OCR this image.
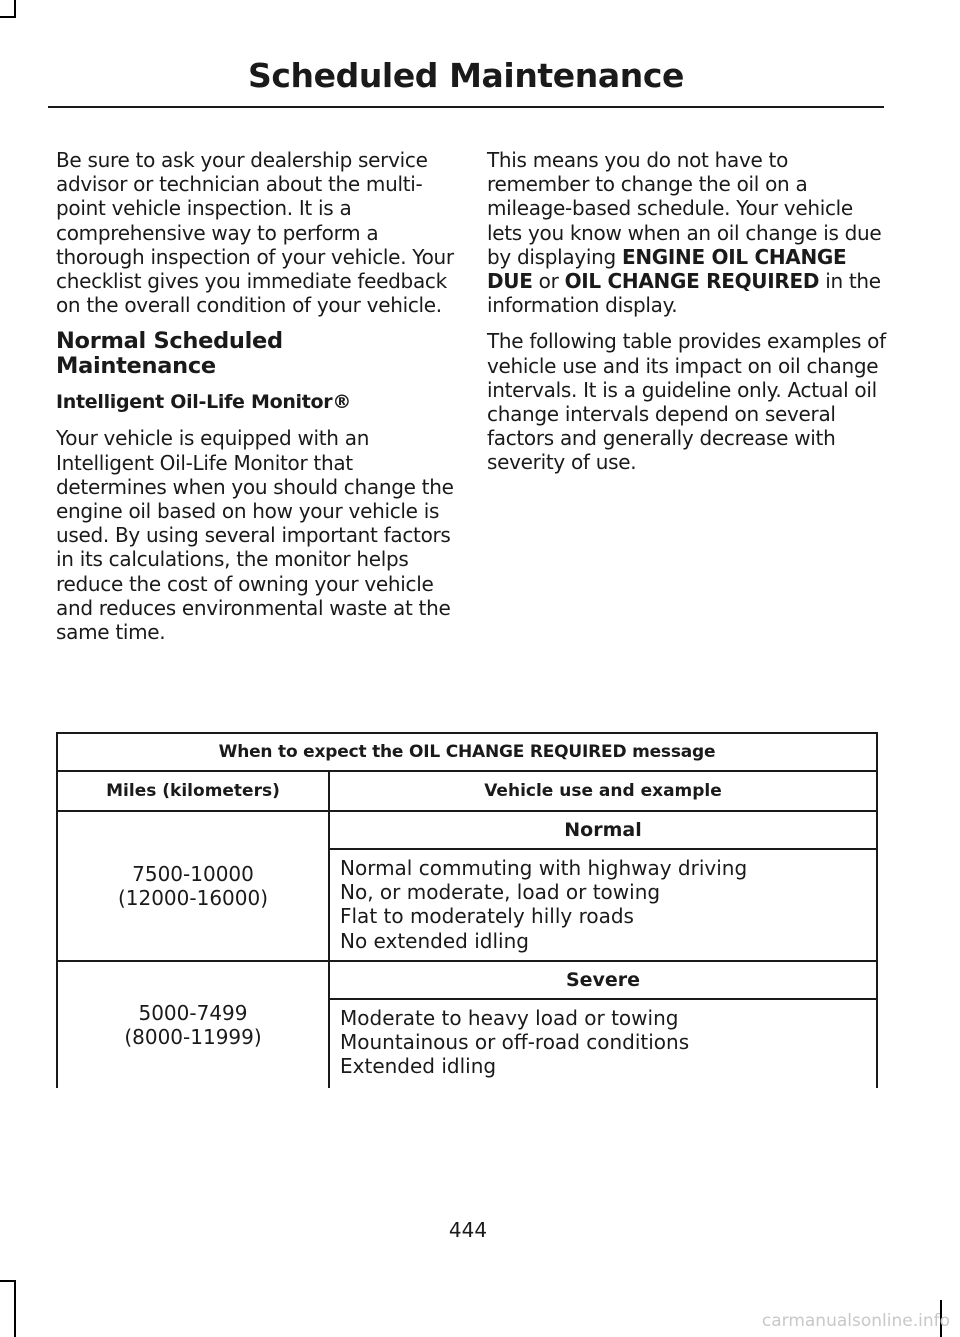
Scheduled Maintenance

Be sure to ask your dealership service advisor or technician about the multi-point vehicle inspection. It is a comprehensive way to perform a thorough inspection of your vehicle. Your checklist gives you immediate feedback on the overall condition of your vehicle.

Normal Scheduled Maintenance
Intelligent Oil-Life Monitor®

Your vehicle is equipped with an Intelligent Oil-Life Monitor that determines when you should change the engine oil based on how your vehicle is used. By using several important factors in its calculations, the monitor helps reduce the cost of owning your vehicle and reduces environmental waste at the same time.

This means you do not have to remember to change the oil on a mileage-based schedule. Your vehicle lets you know when an oil change is due by displaying ENGINE OIL CHANGE DUE or OIL CHANGE REQUIRED in the information display.

The following table provides examples of vehicle use and its impact on oil change intervals. It is a guideline only. Actual oil change intervals depend on several factors and generally decrease with severity of use.

When to expect the OIL CHANGE REQUIRED message
Miles (kilometers)	Vehicle use and example
7500-10000
(12000-16000)
Normal
Normal commuting with highway driving
No, or moderate, load or towing
Flat to moderately hilly roads
No extended idling
5000-7499
(8000-11999)
Severe
Moderate to heavy load or towing
Mountainous or off-road conditions
Extended idling
444
carmanualsonline.info
